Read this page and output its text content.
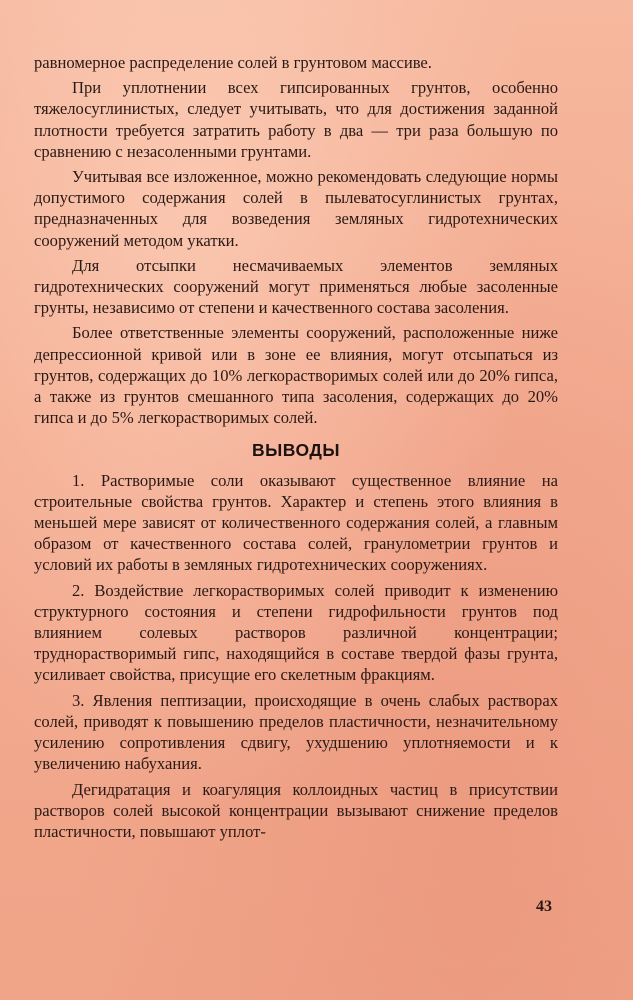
равномерное распределение солей в грунтовом массиве.

При уплотнении всех гипсированных грунтов, особенно тяжелосуглинистых, следует учитывать, что для достижения заданной плотности требуется затратить работу в два — три раза большую по сравнению с незасоленными грунтами.

Учитывая все изложенное, можно рекомендовать следующие нормы допустимого содержания солей в пылеватосуглинистых грунтах, предназначенных для возведения земляных гидротехнических сооружений методом укатки.

Для отсыпки несмачиваемых элементов земляных гидротехнических сооружений могут применяться любые засоленные грунты, независимо от степени и качественного состава засоления.

Более ответственные элементы сооружений, расположенные ниже депрессионной кривой или в зоне ее влияния, могут отсыпаться из грунтов, содержащих до 10% легкорастворимых солей или до 20% гипса, а также из грунтов смешанного типа засоления, содержащих до 20% гипса и до 5% легкорастворимых солей.

ВЫВОДЫ

1. Растворимые соли оказывают существенное влияние на строительные свойства грунтов. Характер и степень этого влияния в меньшей мере зависят от количественного содержания солей, а главным образом от качественного состава солей, гранулометрии грунтов и условий их работы в земляных гидротехнических сооружениях.

2. Воздействие легкорастворимых солей приводит к изменению структурного состояния и степени гидрофильности грунтов под влиянием солевых растворов различной концентрации; труднорастворимый гипс, находящийся в составе твердой фазы грунта, усиливает свойства, присущие его скелетным фракциям.

3. Явления пептизации, происходящие в очень слабых растворах солей, приводят к повышению пределов пластичности, незначительному усилению сопротивления сдвигу, ухудшению уплотняемости и к увеличению набухания.

Дегидратация и коагуляция коллоидных частиц в присутствии растворов солей высокой концентрации вызывают снижение пределов пластичности, повышают уплот-

43
